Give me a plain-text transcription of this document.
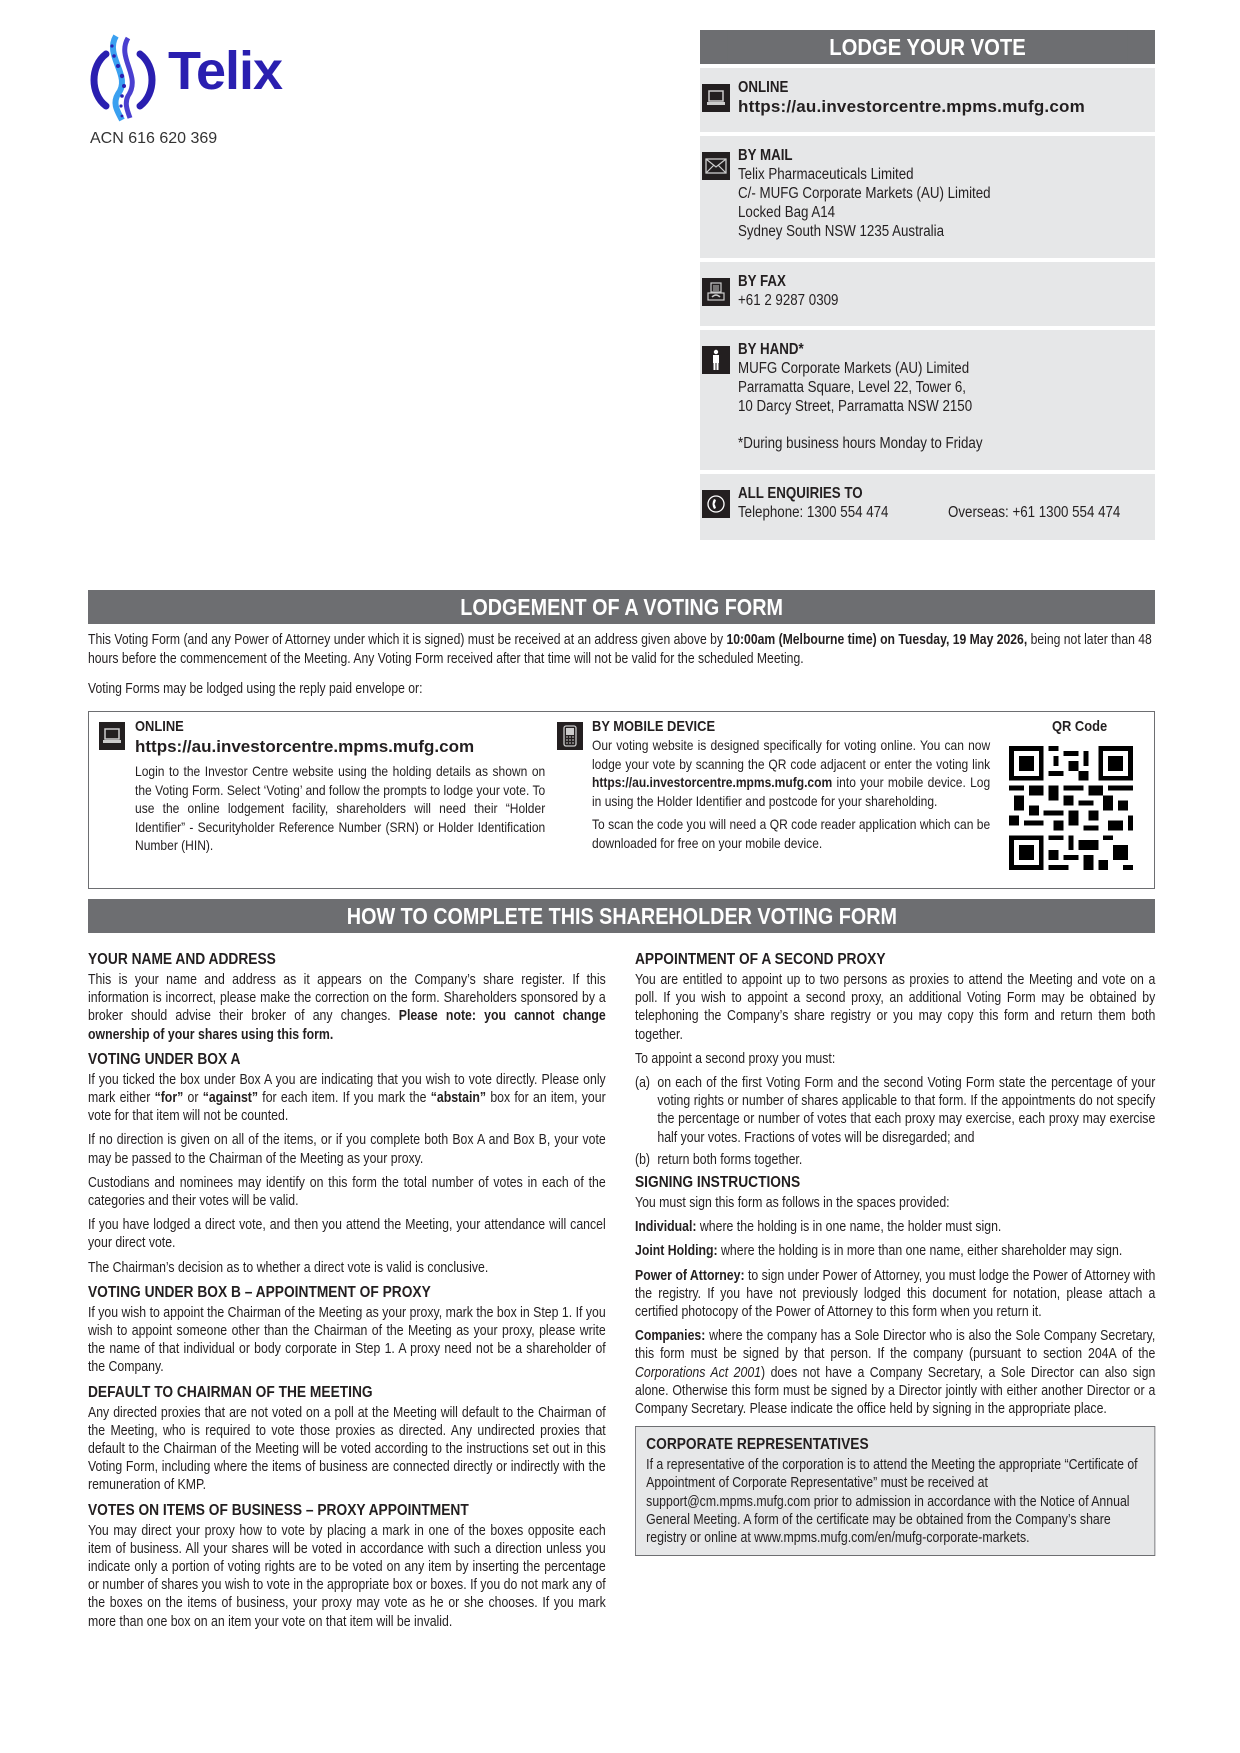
Telix
ACN 616 620 369
LODGE YOUR VOTE
ONLINE
https://au.investorcentre.mpms.mufg.com
BY MAIL
Telix Pharmaceuticals Limited
C/- MUFG Corporate Markets (AU) Limited
Locked Bag A14
Sydney South NSW 1235 Australia
BY FAX
+61 2 9287 0309
BY HAND*
MUFG Corporate Markets (AU) Limited
Parramatta Square, Level 22, Tower 6,
10 Darcy Street, Parramatta NSW 2150
*During business hours Monday to Friday
ALL ENQUIRIES TO
Telephone: 1300 554 474	Overseas: +61 1300 554 474
LODGEMENT OF A VOTING FORM
This Voting Form (and any Power of Attorney under which it is signed) must be received at an address given above by 10:00am (Melbourne time) on Tuesday, 19 May 2026, being not later than 48 hours before the commencement of the Meeting. Any Voting Form received after that time will not be valid for the scheduled Meeting.
Voting Forms may be lodged using the reply paid envelope or:
ONLINE
https://au.investorcentre.mpms.mufg.com
Login to the Investor Centre website using the holding details as shown on the Voting Form. Select ‘Voting’ and follow the prompts to lodge your vote. To use the online lodgement facility, shareholders will need their “Holder Identifier” - Securityholder Reference Number (SRN) or Holder Identification Number (HIN).
BY MOBILE DEVICE
Our voting website is designed specifically for voting online. You can now lodge your vote by scanning the QR code adjacent or enter the voting link https://au.investorcentre.mpms.mufg.com into your mobile device. Log in using the Holder Identifier and postcode for your shareholding.
To scan the code you will need a QR code reader application which can be downloaded for free on your mobile device.
QR Code
HOW TO COMPLETE THIS SHAREHOLDER VOTING FORM
YOUR NAME AND ADDRESS

This is your name and address as it appears on the Company’s share register. If this information is incorrect, please make the correction on the form. Shareholders sponsored by a broker should advise their broker of any changes. Please note: you cannot change ownership of your shares using this form.

VOTING UNDER BOX A

If you ticked the box under Box A you are indicating that you wish to vote directly. Please only mark either “for” or “against” for each item. If you mark the “abstain” box for an item, your vote for that item will not be counted.

If no direction is given on all of the items, or if you complete both Box A and Box B, your vote may be passed to the Chairman of the Meeting as your proxy.

Custodians and nominees may identify on this form the total number of votes in each of the categories and their votes will be valid.

If you have lodged a direct vote, and then you attend the Meeting, your attendance will cancel your direct vote.

The Chairman’s decision as to whether a direct vote is valid is conclusive.

VOTING UNDER BOX B – APPOINTMENT OF PROXY

If you wish to appoint the Chairman of the Meeting as your proxy, mark the box in Step 1. If you wish to appoint someone other than the Chairman of the Meeting as your proxy, please write the name of that individual or body corporate in Step 1. A proxy need not be a shareholder of the Company.

DEFAULT TO CHAIRMAN OF THE MEETING

Any directed proxies that are not voted on a poll at the Meeting will default to the Chairman of the Meeting, who is required to vote those proxies as directed. Any undirected proxies that default to the Chairman of the Meeting will be voted according to the instructions set out in this Voting Form, including where the items of business are connected directly or indirectly with the remuneration of KMP.

VOTES ON ITEMS OF BUSINESS – PROXY APPOINTMENT

You may direct your proxy how to vote by placing a mark in one of the boxes opposite each item of business. All your shares will be voted in accordance with such a direction unless you indicate only a portion of voting rights are to be voted on any item by inserting the percentage or number of shares you wish to vote in the appropriate box or boxes. If you do not mark any of the boxes on the items of business, your proxy may vote as he or she chooses. If you mark more than one box on an item your vote on that item will be invalid.

APPOINTMENT OF A SECOND PROXY

You are entitled to appoint up to two persons as proxies to attend the Meeting and vote on a poll. If you wish to appoint a second proxy, an additional Voting Form may be obtained by telephoning the Company’s share registry or you may copy this form and return them both together.

To appoint a second proxy you must:

(a) on each of the first Voting Form and the second Voting Form state the percentage of your voting rights or number of shares applicable to that form. If the appointments do not specify the percentage or number of votes that each proxy may exercise, each proxy may exercise half your votes. Fractions of votes will be disregarded; and
(b) return both forms together.
SIGNING INSTRUCTIONS

You must sign this form as follows in the spaces provided:

Individual: where the holding is in one name, the holder must sign.

Joint Holding: where the holding is in more than one name, either shareholder may sign.

Power of Attorney: to sign under Power of Attorney, you must lodge the Power of Attorney with the registry. If you have not previously lodged this document for notation, please attach a certified photocopy of the Power of Attorney to this form when you return it.

Companies: where the company has a Sole Director who is also the Sole Company Secretary, this form must be signed by that person. If the company (pursuant to section 204A of the Corporations Act 2001) does not have a Company Secretary, a Sole Director can also sign alone. Otherwise this form must be signed by a Director jointly with either another Director or a Company Secretary. Please indicate the office held by signing in the appropriate place.

CORPORATE REPRESENTATIVES

If a representative of the corporation is to attend the Meeting the appropriate “Certificate of Appointment of Corporate Representative” must be received at support@cm.mpms.mufg.com prior to admission in accordance with the Notice of Annual General Meeting. A form of the certificate may be obtained from the Company’s share registry or online at www.mpms.mufg.com/en/mufg-corporate-markets.
